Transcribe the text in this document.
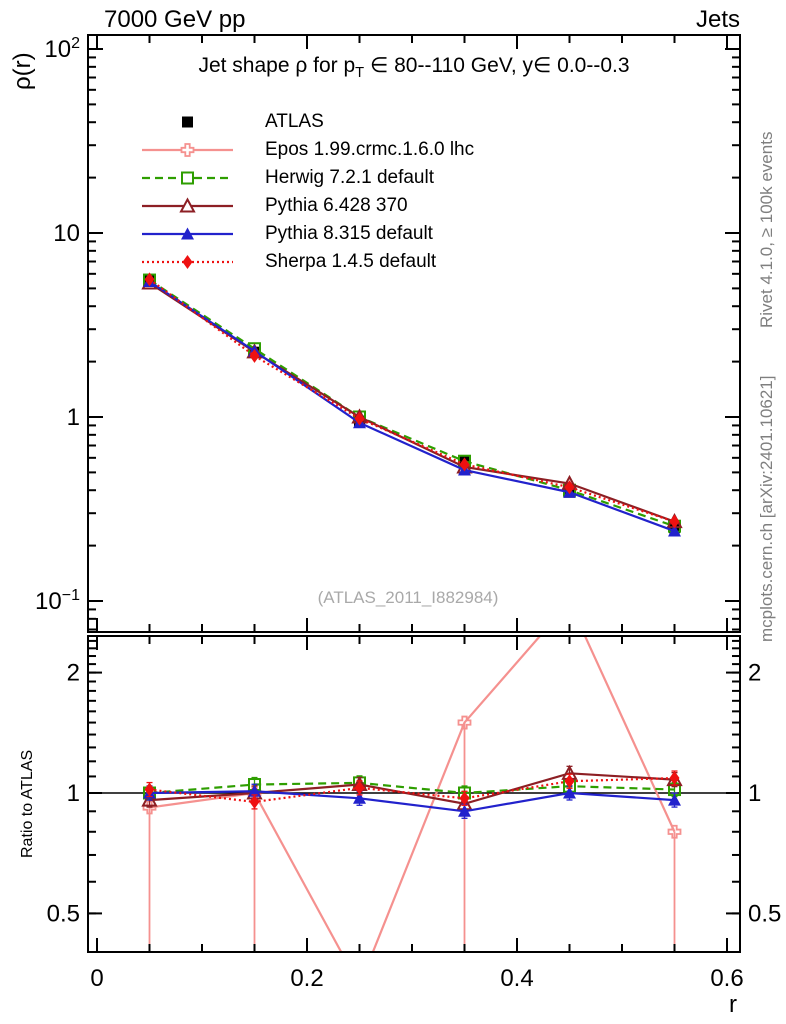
(ATLAS_2011_I882984)
$10^2$
10
1
$10^{-1}$
2	2
1	1
0.5	0.5
0	0.2	0.4	0.6
r
ρ(r)
Ratio to ATLAS
Rivet 4.1.0, ≥ 100k events
mcplots.cern.ch [arXiv:2401.10621]
7000 GeV pp	Jets
Jet shape ρ for $p_T$ ∈ 80--110 GeV, y∈ 0.0--0.3
ATLAS
Epos 1.99.crmc.1.6.0 lhc
Herwig 7.2.1 default
Pythia 6.428 370
Pythia 8.315 default
Sherpa 1.4.5 default
